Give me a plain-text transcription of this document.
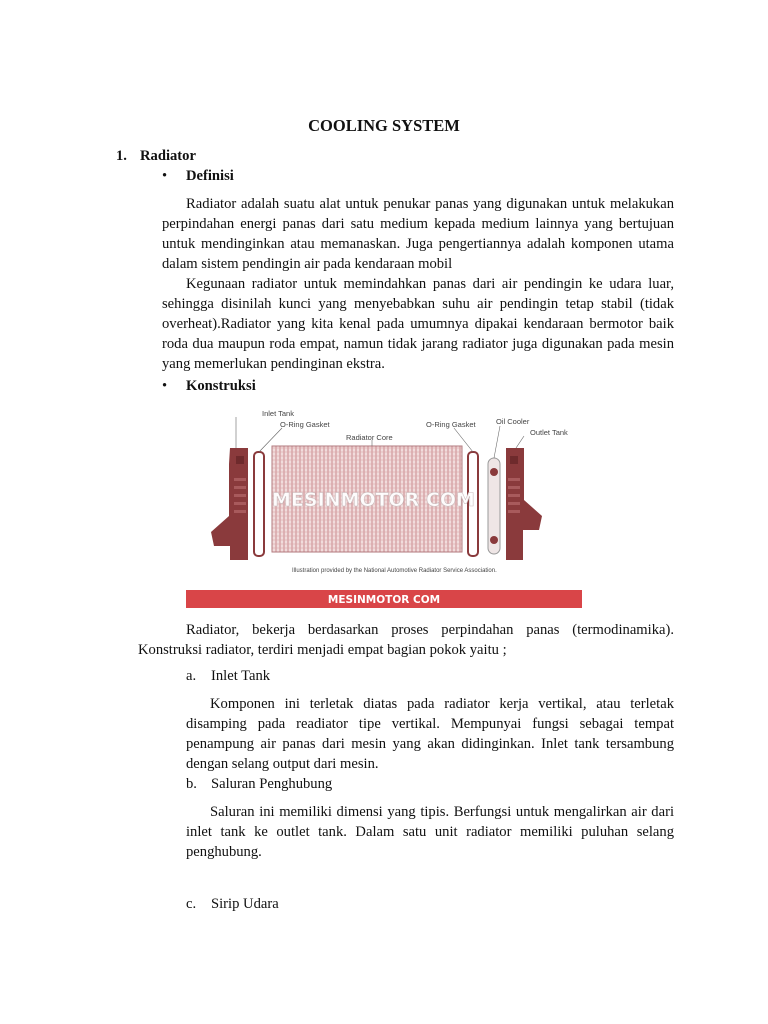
COOLING SYSTEM
1. Radiator
• Definisi
Radiator adalah suatu alat untuk penukar panas yang digunakan untuk melakukan perpindahan energi panas dari satu medium kepada medium lainnya yang bertujuan untuk mendinginkan atau memanaskan. Juga pengertiannya adalah komponen utama dalam sistem pendingin air pada kendaraan mobil
Kegunaan radiator untuk memindahkan panas dari air pendingin ke udara luar, sehingga disinilah kunci yang menyebabkan suhu air pendingin tetap stabil (tidak overheat).Radiator yang kita kenal pada umumnya dipakai kendaraan bermotor baik roda dua maupun roda empat, namun tidak jarang radiator juga digunakan pada mesin yang memerlukan pendinginan ekstra.
• Konstruksi
Inlet Tank
O-Ring Gasket
Radiator Core
O-Ring Gasket	Oil Cooler
Outlet Tank
MESINMOTOR COM
Illustration provided by the National Automotive Radiator Service Association.
MESINMOTOR COM
Radiator, bekerja berdasarkan proses perpindahan panas (termodinamika). Konstruksi radiator, terdiri menjadi empat bagian pokok yaitu ;
a. Inlet Tank
Komponen ini terletak diatas pada radiator kerja vertikal, atau terletak disamping pada readiator tipe vertikal. Mempunyai fungsi sebagai tempat penampung air panas dari mesin yang akan didinginkan. Inlet tank tersambung dengan selang output dari mesin.
b. Saluran Penghubung
Saluran ini memiliki dimensi yang tipis. Berfungsi untuk mengalirkan air dari inlet tank ke outlet tank. Dalam satu unit radiator memiliki puluhan selang penghubung.
c. Sirip Udara
